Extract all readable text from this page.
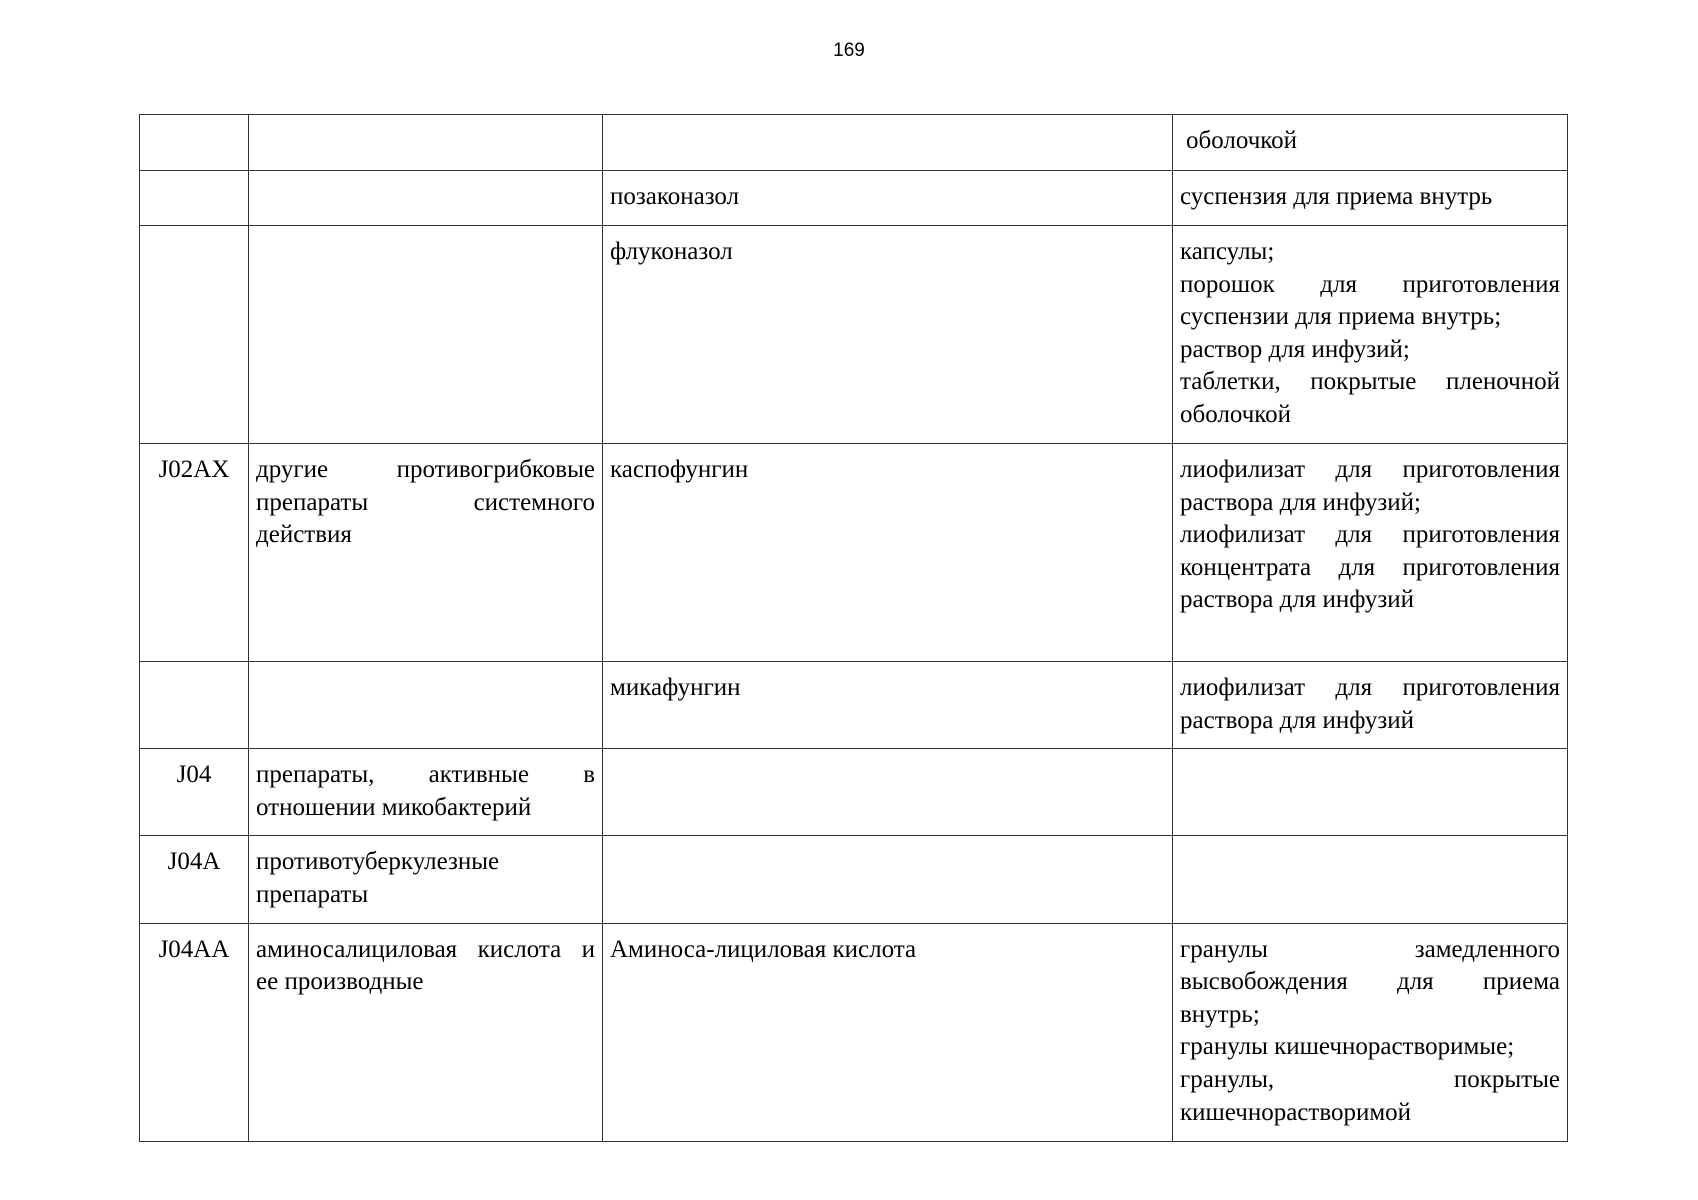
169

			оболочкой

		позаконазол	суспензия для приема внутрь

		флуконазол	капсулы;
порошок для приготовления суспензии для приема внутрь;
раствор для инфузий;
таблетки, покрытые пленочной оболочкой

J02AX	другие противогрибковые препараты системного действия	каспофунгин	лиофилизат для приготовления раствора для инфузий;
лиофилизат для приготовления концентрата для приготовления раствора для инфузий

		микафунгин	лиофилизат для приготовления раствора для инфузий

J04	препараты, активные в отношении микобактерий		
J04A	противотуберкулезные препараты		
J04AA	аминосалициловая кислота и ее производные	Аминоса-лициловая кислота	гранулы замедленного высвобождения для приема внутрь;
гранулы кишечнорастворимые;
гранулы, покрытые кишечнорастворимой
